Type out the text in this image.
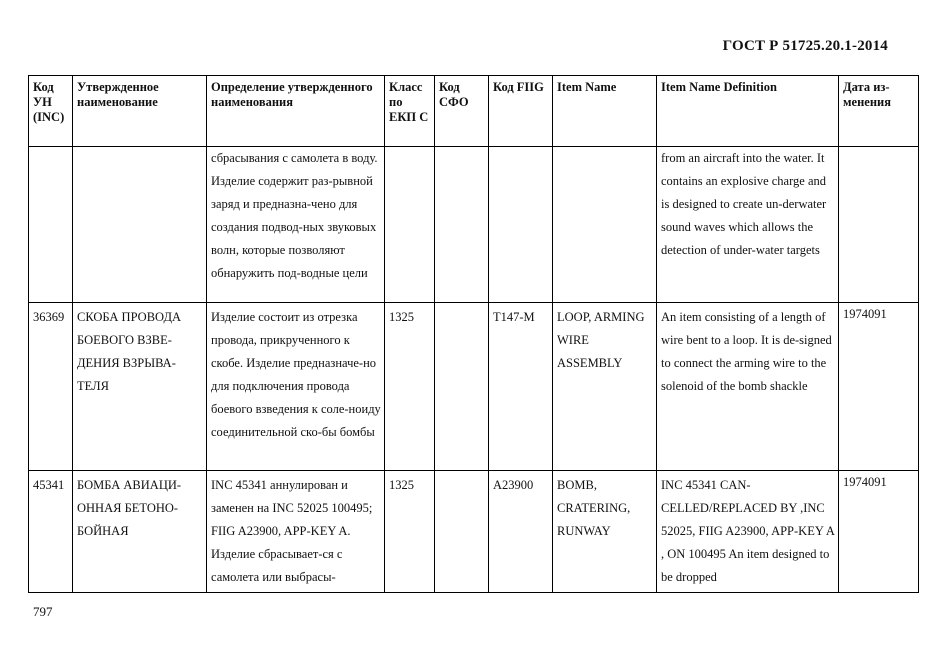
ГОСТ Р 51725.20.1-2014
Код УН (INC)	Утвержденное наименование	Определение утвержденного наименования	Класс по ЕКП С	Код СФО	Код FIIG	Item Name	Item Name Definition	Дата из-менения
		сбрасывания с самолета в воду. Изделие содержит раз-рывной заряд и предназна-чено для создания подвод-ных звуковых волн, которые позволяют обнаружить под-водные цели					from an aircraft into the water. It contains an explosive charge and is designed to create un-derwater sound waves which allows the detection of under-water targets	
36369	СКОБА ПРОВОДА БОЕВОГО ВЗВЕ-ДЕНИЯ ВЗРЫВА-ТЕЛЯ	Изделие состоит из отрезка провода, прикрученного к скобе. Изделие предназначе-но для подключения провода боевого взведения к соле-ноиду соединительной ско-бы бомбы	1325		T147-M	LOOP, ARMING WIRE ASSEMBLY	An item consisting of a length of wire bent to a loop. It is de-signed to connect the arming wire to the solenoid of the bomb shackle	1974091
45341	БОМБА АВИАЦИ-ОННАЯ БЕТОНО-БОЙНАЯ	INC 45341 аннулирован и заменен на INC 52025 100495; FIIG A23900, APP-KEY A. Изделие сбрасывает-ся с самолета или выбрасы-	1325		A23900	BOMB, CRATERING, RUNWAY	INC 45341 CAN-CELLED/REPLACED BY ,INC 52025, FIIG A23900, APP-KEY A , ON 100495 An item designed to be dropped	1974091
797
